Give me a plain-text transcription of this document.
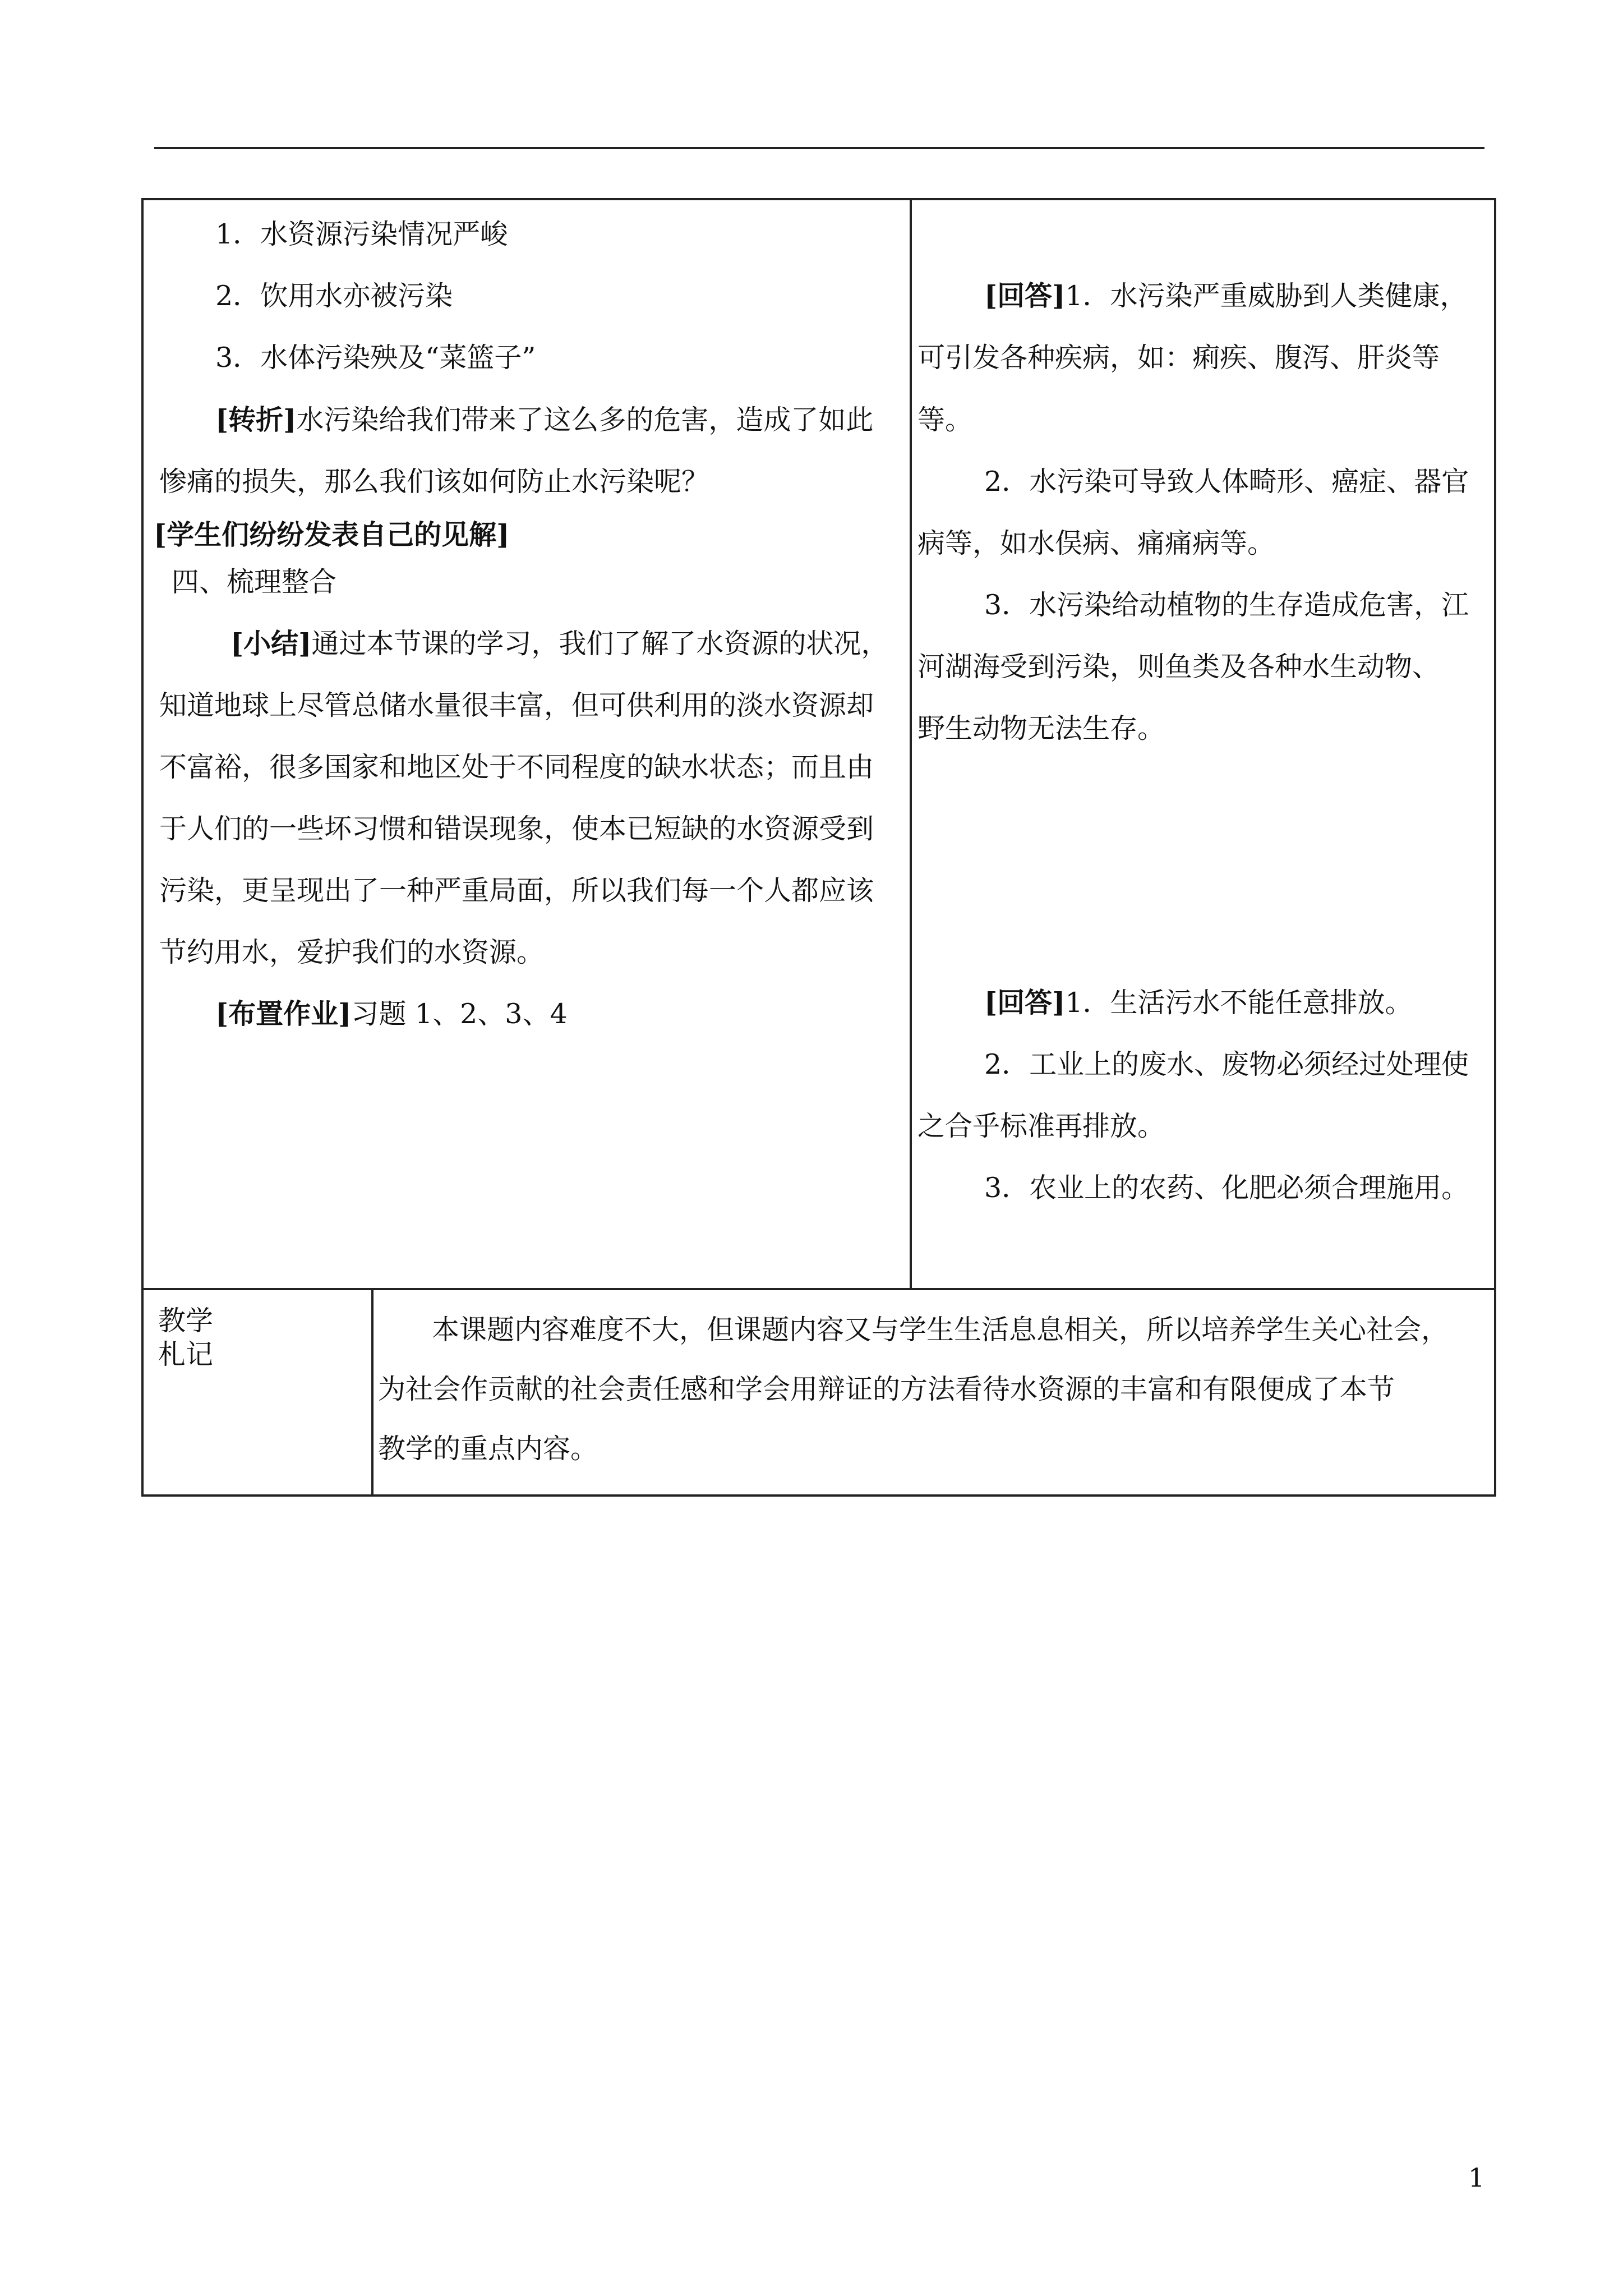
1．水资源污染情况严峻
2．饮用水亦被污染
3．水体污染殃及“菜篮子”
[转折]水污染给我们带来了这么多的危害，造成了如此
惨痛的损失，那么我们该如何防止水污染呢？
[学生们纷纷发表自己的见解]
四、梳理整合
[小结]通过本节课的学习，我们了解了水资源的状况，
知道地球上尽管总储水量很丰富，但可供利用的淡水资源却
不富裕，很多国家和地区处于不同程度的缺水状态；而且由
于人们的一些坏习惯和错误现象，使本已短缺的水资源受到
污染，更呈现出了一种严重局面，所以我们每一个人都应该
节约用水，爱护我们的水资源。
[布置作业]习题 1、2、3、4
[回答]1．水污染严重威胁到人类健康，
可引发各种疾病，如：痢疾、腹泻、肝炎等
等。
2．水污染可导致人体畸形、癌症、器官
病等，如水俣病、痛痛病等。
3．水污染给动植物的生存造成危害，江
河湖海受到污染，则鱼类及各种水生动物、
野生动物无法生存。
[回答]1．生活污水不能任意排放。
2．工业上的废水、废物必须经过处理使
之合乎标准再排放。
3．农业上的农药、化肥必须合理施用。
教学
札记
本课题内容难度不大，但课题内容又与学生生活息息相关，所以培养学生关心社会，
为社会作贡献的社会责任感和学会用辩证的方法看待水资源的丰富和有限便成了本节
教学的重点内容。
1
